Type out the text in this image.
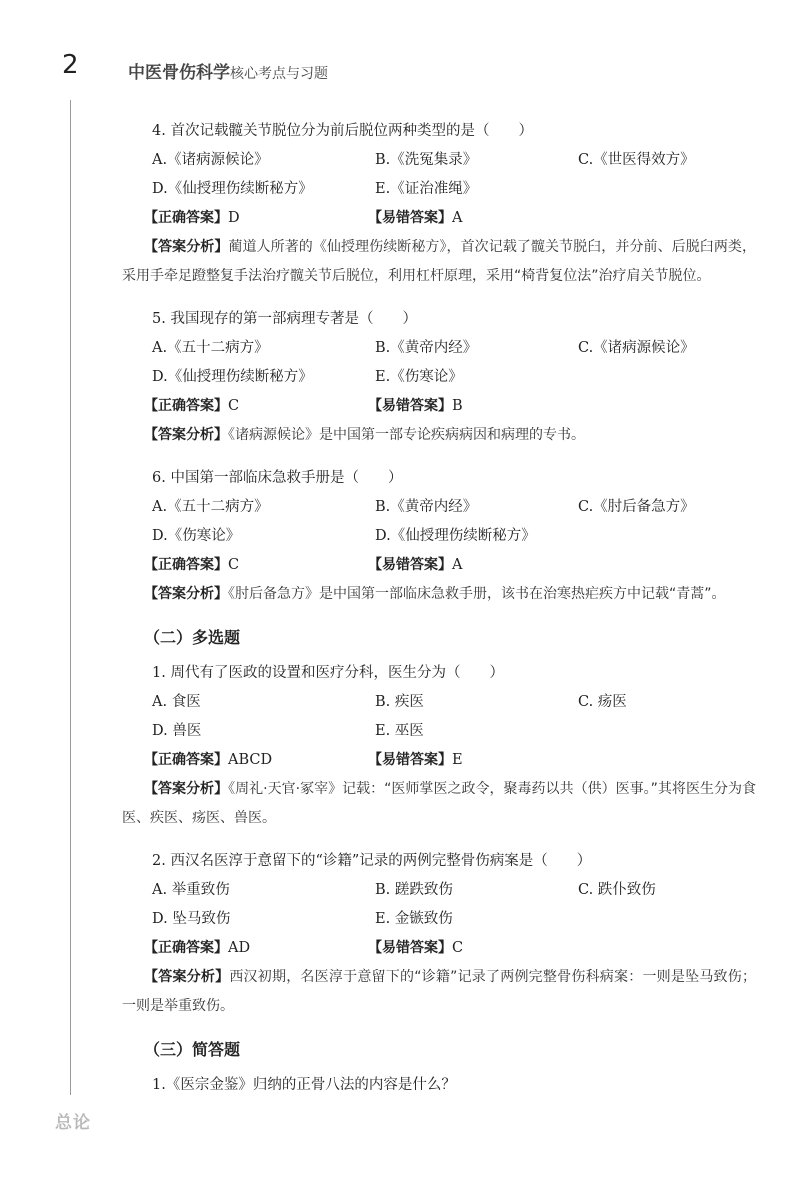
2	中医骨伤科学核心考点与习题
总论
4. 首次记载髋关节脱位分为前后脱位两种类型的是（　　）
A.《诸病源候论》	B.《洗冤集录》	C.《世医得效方》
D.《仙授理伤续断秘方》	E.《证治准绳》
【正确答案】D	【易错答案】A
【答案分析】蔺道人所著的《仙授理伤续断秘方》，首次记载了髋关节脱臼，并分前、后脱臼两类，采用手牵足蹬整复手法治疗髋关节后脱位，利用杠杆原理，采用“椅背复位法”治疗肩关节脱位。
5. 我国现存的第一部病理专著是（　　）
A.《五十二病方》	B.《黄帝内经》	C.《诸病源候论》
D.《仙授理伤续断秘方》	E.《伤寒论》
【正确答案】C	【易错答案】B
【答案分析】《诸病源候论》是中国第一部专论疾病病因和病理的专书。
6. 中国第一部临床急救手册是（　　）
A.《五十二病方》	B.《黄帝内经》	C.《肘后备急方》
D.《伤寒论》	D.《仙授理伤续断秘方》
【正确答案】C	【易错答案】A
【答案分析】《肘后备急方》是中国第一部临床急救手册，该书在治寒热疟疾方中记载“青蒿”。
（二）多选题
1. 周代有了医政的设置和医疗分科，医生分为（　　）
A. 食医	B. 疾医	C. 疡医
D. 兽医	E. 巫医
【正确答案】ABCD	【易错答案】E
【答案分析】《周礼·天官·冢宰》记载：“医师掌医之政令，聚毒药以共（供）医事。”其将医生分为食医、疾医、疡医、兽医。
2. 西汉名医淳于意留下的“诊籍”记录的两例完整骨伤病案是（　　）
A. 举重致伤	B. 蹉跌致伤	C. 跌仆致伤
D. 坠马致伤	E. 金镞致伤
【正确答案】AD	【易错答案】C
【答案分析】西汉初期，名医淳于意留下的“诊籍”记录了两例完整骨伤科病案：一则是坠马致伤；一则是举重致伤。
（三）简答题
1.《医宗金鉴》归纳的正骨八法的内容是什么？
